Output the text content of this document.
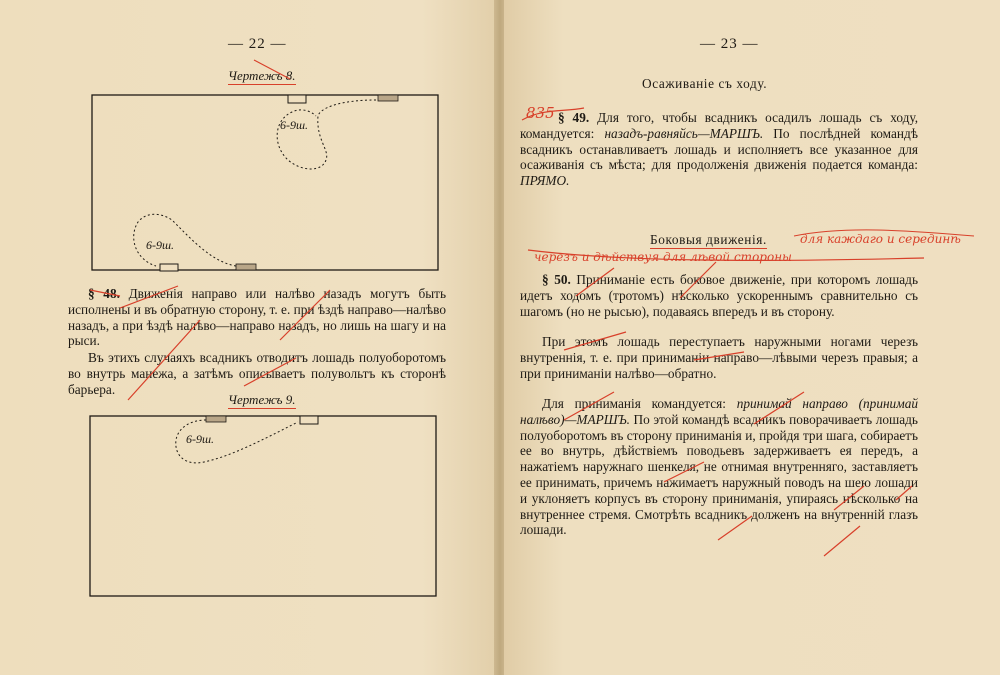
— 22 —
Чертежъ 8.
6-9ш.
6-9ш.
§ 48. Движенія направо или налѣво назадъ могутъ быть исполнены и въ обратную сторону, т. е. при ѣздѣ направо—налѣво назадъ, а при ѣздѣ налѣво—направо назадъ, но лишь на шагу и на рыси.
Въ этихъ случаяхъ всадникъ отводитъ лошадь полуоборотомъ во внутрь манежа, а затѣмъ описываетъ полувольтъ къ сторонѣ барьера.
Чертежъ 9.
6-9ш.
— 23 —
Осаживаніе съ ходу.
835 § 49. Для того, чтобы всадникъ осадилъ лошадь съ ходу, командуется: назадъ-равняйсь—МАРШЪ. По послѣдней командѣ всадникъ останавливаетъ лошадь и исполняетъ все указанное для осаживанія съ мѣста; для продолженія движенія подается команда: ПРЯМО.
Боковыя движенія.	для каждаго и серединѣ
черезъ и дѣйствуя для лѣвой стороны
§ 50. Приниманіе есть боковое движеніе, при которомъ лошадь идетъ ходомъ (тротомъ) нѣсколько ускореннымъ сравнительно съ шагомъ (но не рысью), подаваясь впередъ и въ сторону.
При этомъ лошадь переступаетъ наружными ногами черезъ внутреннія, т. е. при приниманіи направо—лѣвыми черезъ правыя; а при приниманіи налѣво—обратно.
Для приниманія командуется: принимай направо (принимай налѣво)—МАРШЪ. По этой командѣ всадникъ поворачиваетъ лошадь полуоборотомъ въ сторону приниманія и, пройдя три шага, собираетъ ее во внутрь, дѣйствіемъ поводьевъ задерживаетъ ея передъ, а нажатіемъ наружнаго шенкеля, не отнимая внутренняго, заставляетъ ее принимать, причемъ нажимаетъ наружный поводъ на шею лошади и уклоняетъ корпусъ въ сторону приниманія, упираясь нѣсколько на внутреннее стремя. Смотрѣть всадникъ долженъ на внутренній глазъ лошади.
